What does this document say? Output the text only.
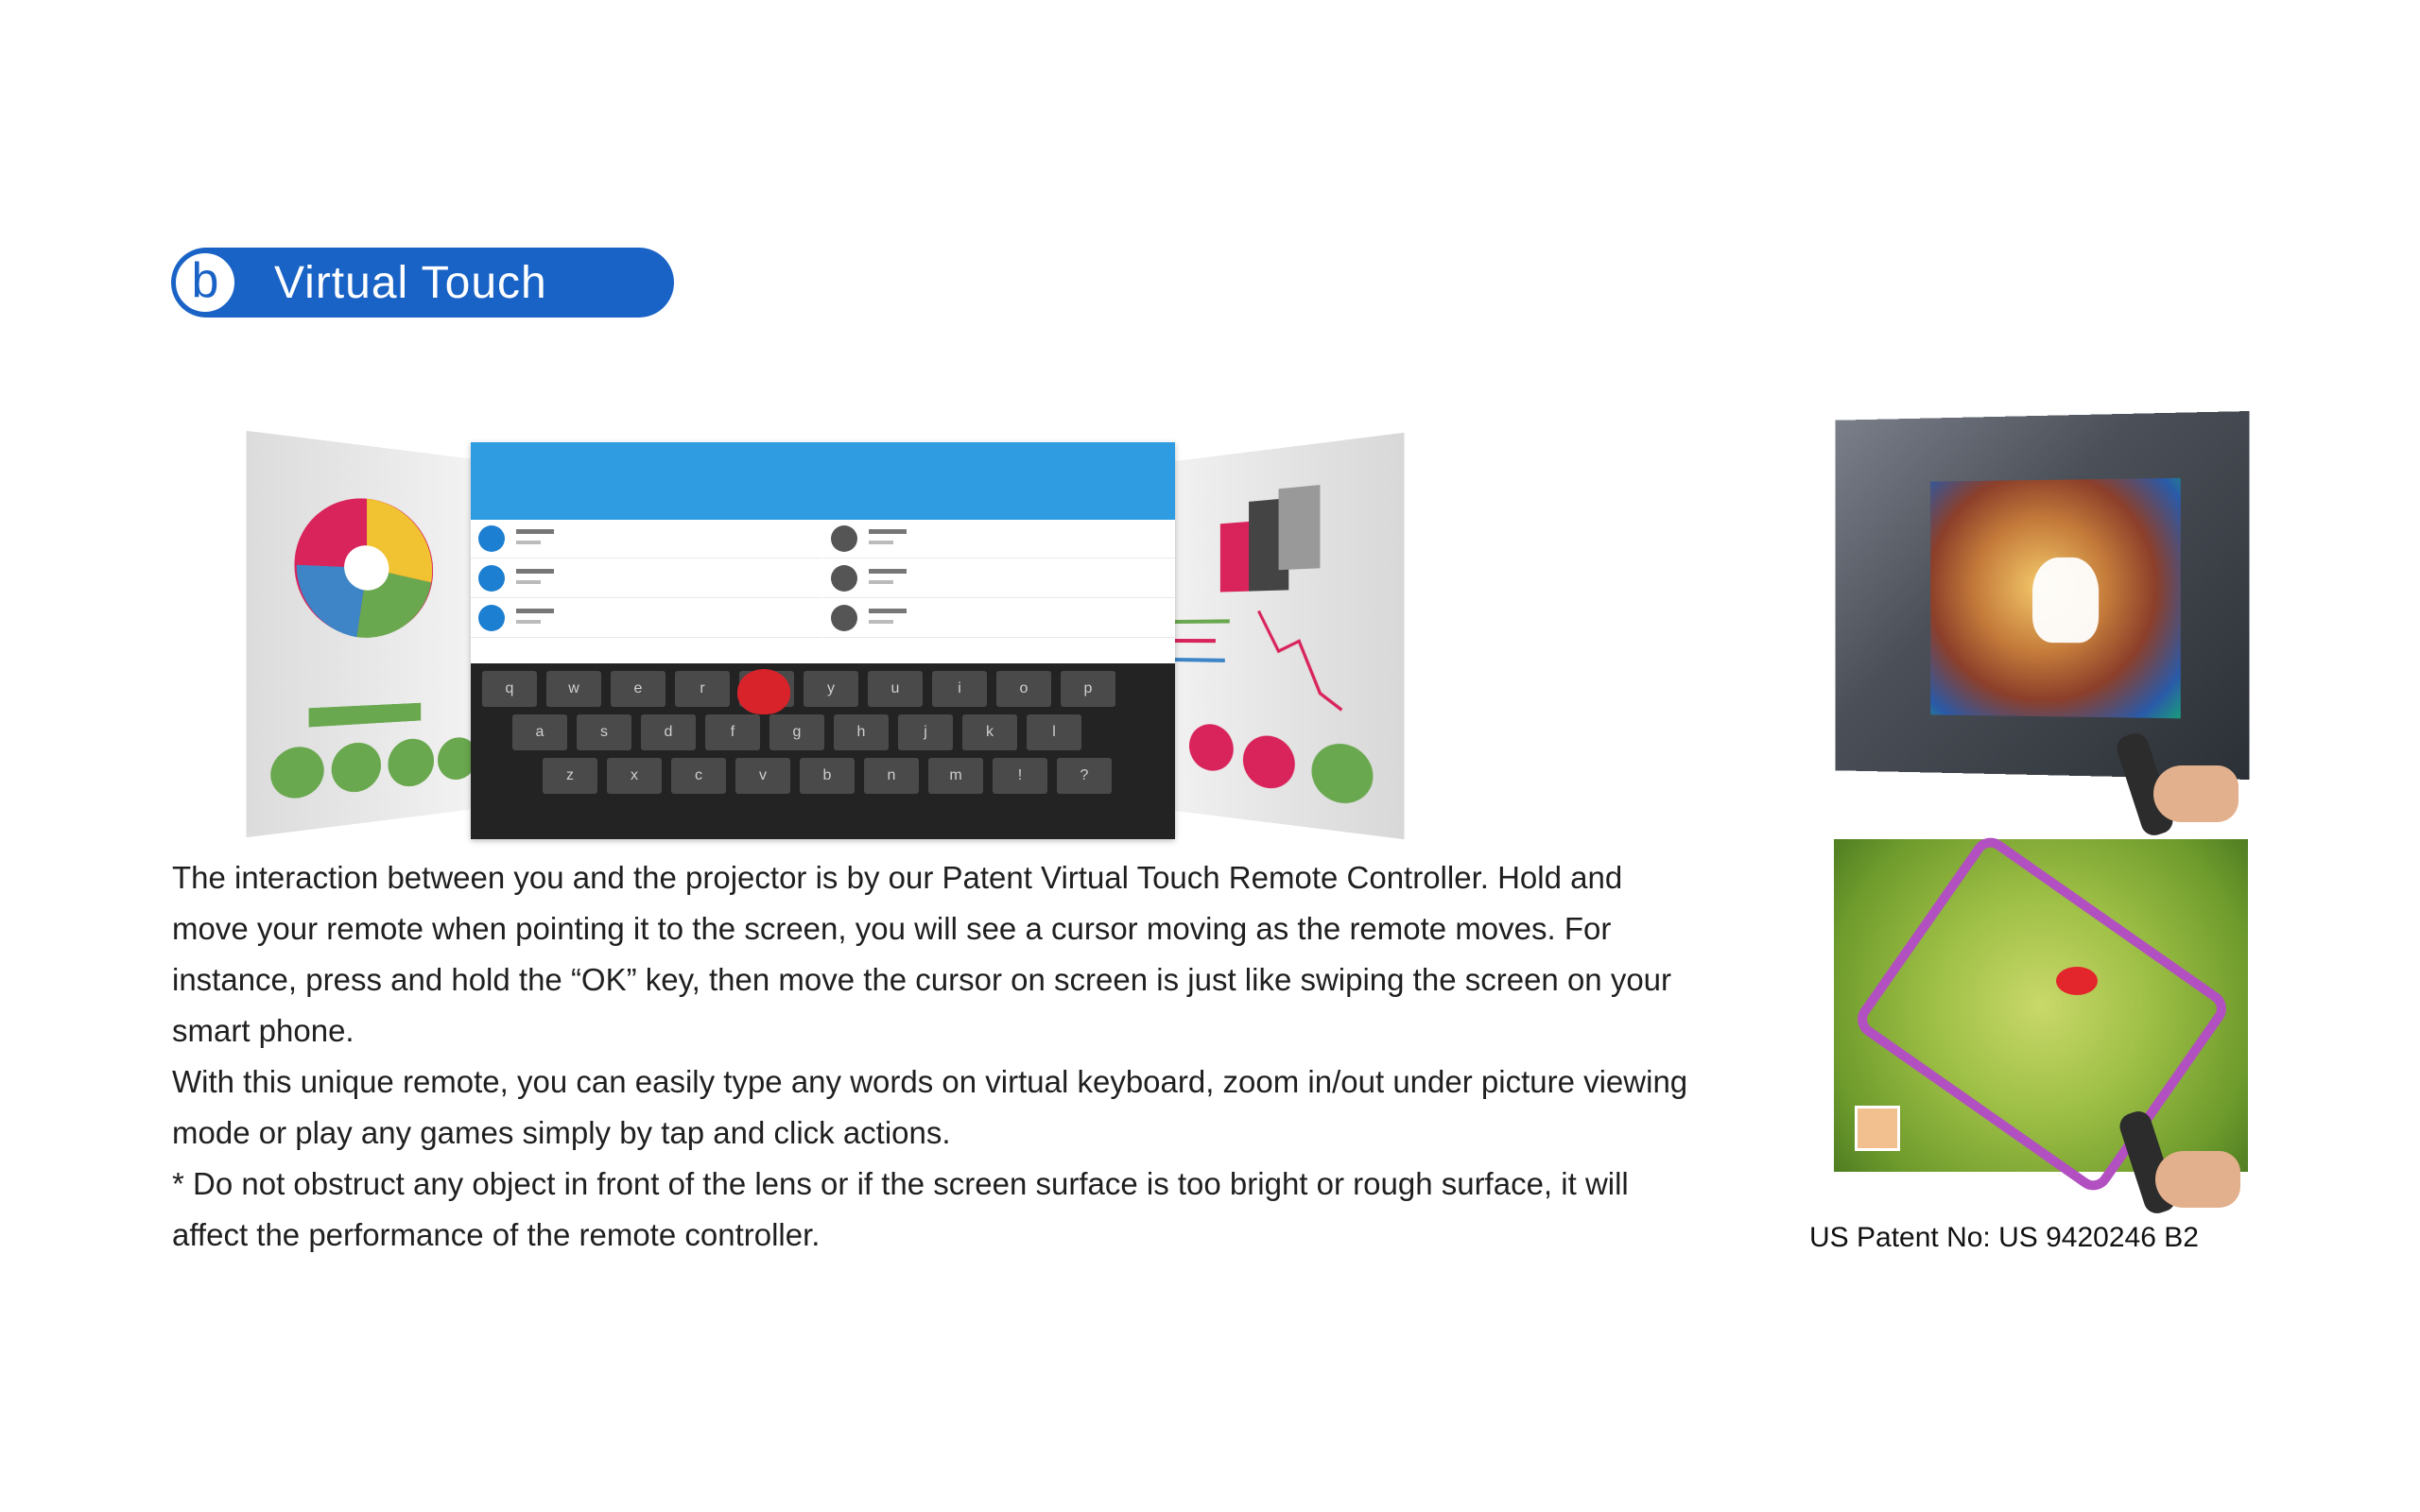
b	Virtual Touch
q	w	e	r	y	u	i	o	p
a	s	d	f	g	h	j	k	l
z	x	c	v	b	n	m	!	?

The interaction between you and the projector is by our Patent Virtual Touch Remote Controller. Hold and move your remote when pointing it to the screen, you will see a cursor moving as the remote moves. For instance, press and hold the “OK” key, then move the cursor on screen is just like swiping the screen on your smart phone.

With this unique remote, you can easily type any words on virtual keyboard, zoom in/out under picture viewing mode or play any games simply by tap and click actions.

* Do not obstruct any object in front of the lens or if the screen surface is too bright or rough surface, it will affect the performance of the remote controller.	US Patent No: US 9420246 B2
